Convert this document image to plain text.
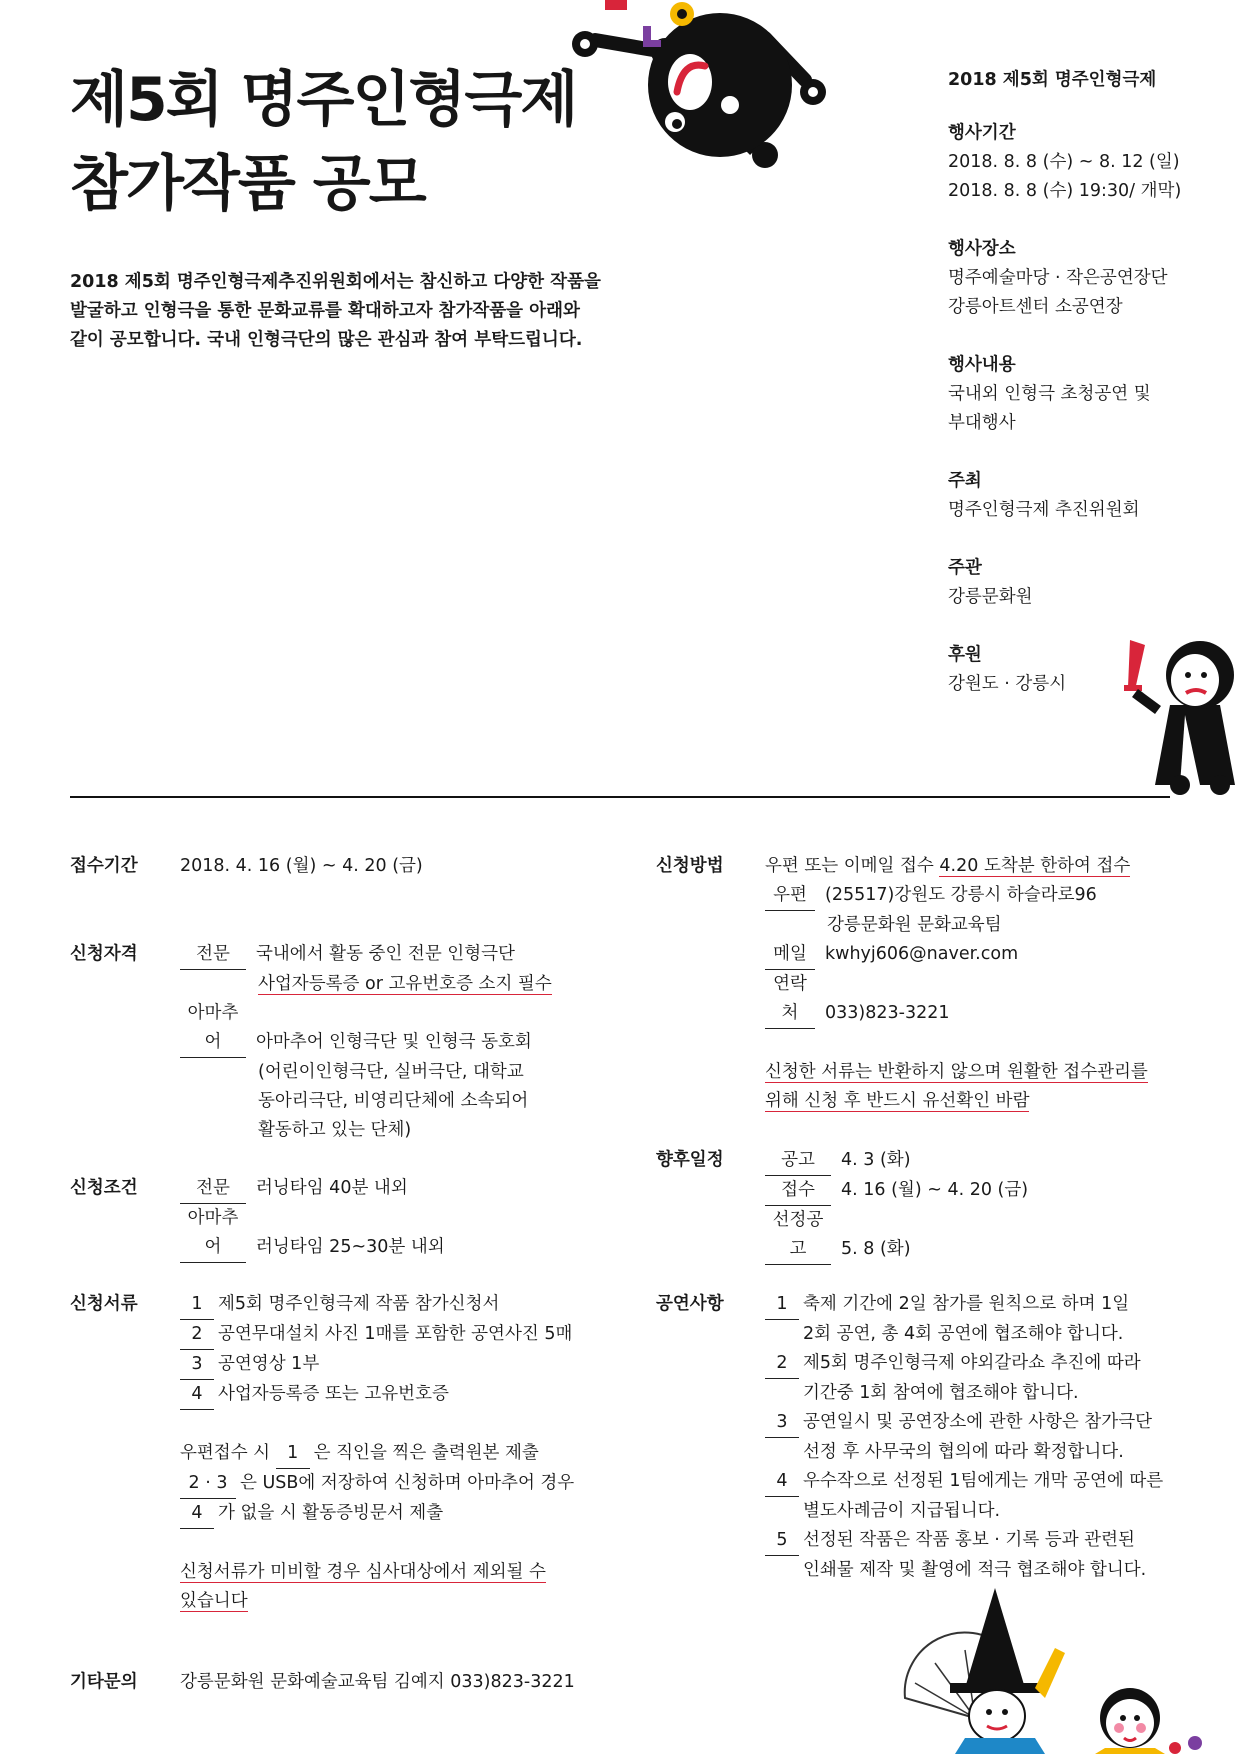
제5회 명주인형극제
참가작품 공모
2018 제5회 명주인형극제추진위원회에서는 참신하고 다양한 작품을
발굴하고 인형극을 통한 문화교류를 확대하고자 참가작품을 아래와
같이 공모합니다. 국내 인형극단의 많은 관심과 참여 부탁드립니다.
2018 제5회 명주인형극제
행사기간
2018. 8. 8 (수) ~ 8. 12 (일)
2018. 8. 8 (수) 19:30/ 개막)
행사장소
명주예술마당 · 작은공연장단
강릉아트센터 소공연장
행사내용
국내외 인형극 초청공연 및
부대행사
주최
명주인형극제 추진위원회
주관
강릉문화원
후원
강원도 · 강릉시
접수기간 2018. 4. 16 (월) ~ 4. 20 (금)
신청자격	전문 국내에서 활동 중인 전문 인형극단
사업자등록증 or 고유번호증 소지 필수
아마추어 아마추어 인형극단 및 인형극 동호회
(어린이인형극단, 실버극단, 대학교
동아리극단, 비영리단체에 소속되어
활동하고 있는 단체)
신청조건	전문 러닝타임 40분 내외
아마추어 러닝타임 25~30분 내외
신청서류	1 제5회 명주인형극제 작품 참가신청서
2 공연무대설치 사진 1매를 포함한 공연사진 5매
3 공연영상 1부
4 사업자등록증 또는 고유번호증
우편접수 시 1 은 직인을 찍은 출력원본 제출
2 · 3 은 USB에 저장하여 신청하며 아마추어 경우
4 가 없을 시 활동증빙문서 제출
신청서류가 미비할 경우 심사대상에서 제외될 수
있습니다
기타문의 강릉문화원 문화예술교육팀 김예지 033)823-3221
신청방법 우편 또는 이메일 접수 4.20 도착분 한하여 접수
우편 (25517)강원도 강릉시 하슬라로96
강릉문화원 문화교육팀
메일 kwhyj606@naver.com
연락처 033)823-3221
신청한 서류는 반환하지 않으며 원활한 접수관리를
위해 신청 후 반드시 유선확인 바람
향후일정	공고 4. 3 (화)
접수 4. 16 (월) ~ 4. 20 (금)
선정공고 5. 8 (화)
공연사항	1 축제 기간에 2일 참가를 원칙으로 하며 1일
2회 공연, 총 4회 공연에 협조해야 합니다.
2 제5회 명주인형극제 야외갈라쇼 추진에 따라
기간중 1회 참여에 협조해야 합니다.
3 공연일시 및 공연장소에 관한 사항은 참가극단
선정 후 사무국의 협의에 따라 확정합니다.
4 우수작으로 선정된 1팀에게는 개막 공연에 따른
별도사례금이 지급됩니다.
5 선정된 작품은 작품 홍보 · 기록 등과 관련된
인쇄물 제작 및 촬영에 적극 협조해야 합니다.
